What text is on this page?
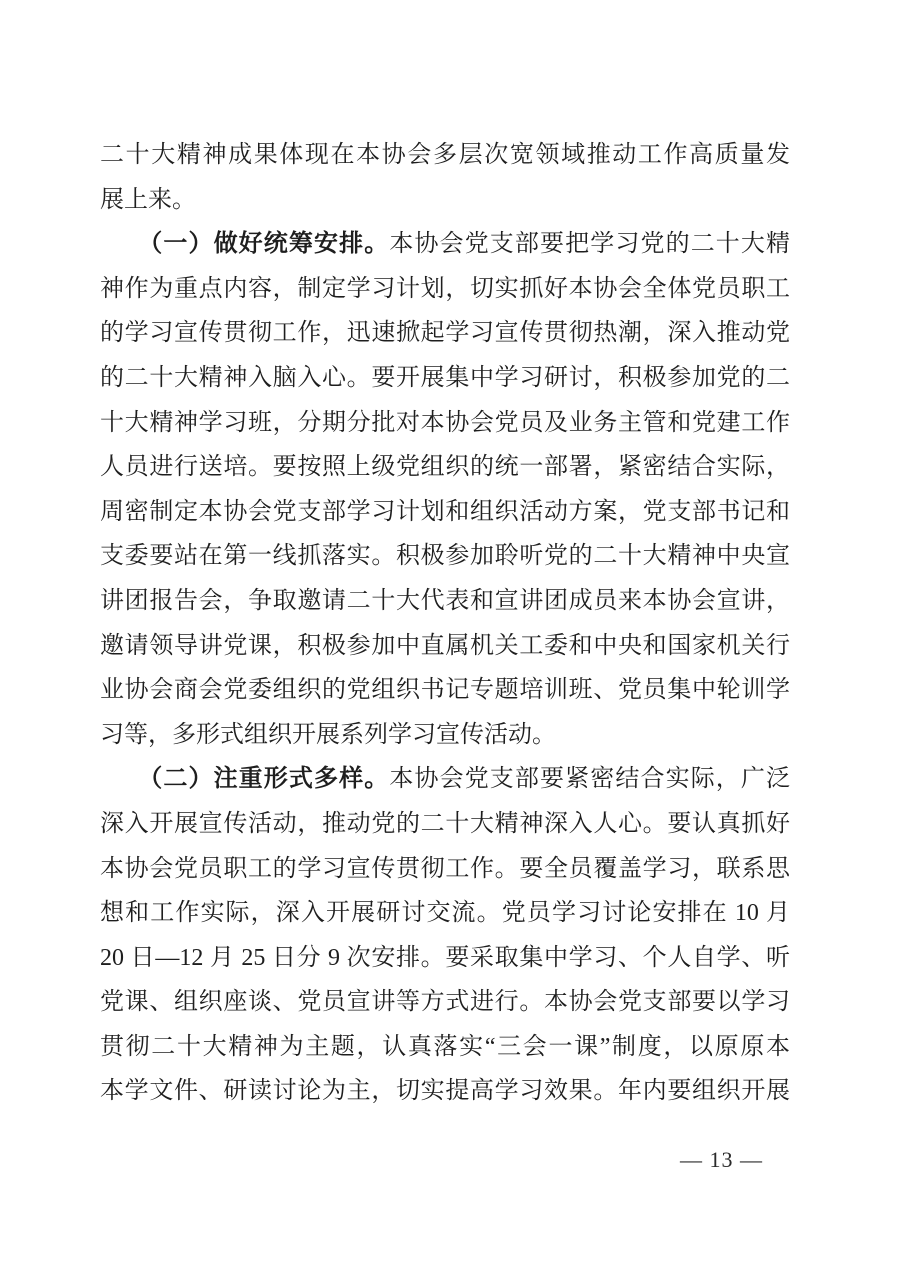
二十大精神成果体现在本协会多层次宽领域推动工作高质量发
展上来。
　　（一）做好统筹安排。本协会党支部要把学习党的二十大精
神作为重点内容，制定学习计划，切实抓好本协会全体党员职工
的学习宣传贯彻工作，迅速掀起学习宣传贯彻热潮，深入推动党
的二十大精神入脑入心。要开展集中学习研讨，积极参加党的二
十大精神学习班，分期分批对本协会党员及业务主管和党建工作
人员进行送培。要按照上级党组织的统一部署，紧密结合实际，
周密制定本协会党支部学习计划和组织活动方案，党支部书记和
支委要站在第一线抓落实。积极参加聆听党的二十大精神中央宣
讲团报告会，争取邀请二十大代表和宣讲团成员来本协会宣讲，
邀请领导讲党课，积极参加中直属机关工委和中央和国家机关行
业协会商会党委组织的党组织书记专题培训班、党员集中轮训学
习等，多形式组织开展系列学习宣传活动。
　　（二）注重形式多样。本协会党支部要紧密结合实际，广泛
深入开展宣传活动，推动党的二十大精神深入人心。要认真抓好
本协会党员职工的学习宣传贯彻工作。要全员覆盖学习，联系思
想和工作实际，深入开展研讨交流。党员学习讨论安排在 10 月
20 日—12 月 25 日分 9 次安排。要采取集中学习、个人自学、听
党课、组织座谈、党员宣讲等方式进行。本协会党支部要以学习
贯彻二十大精神为主题，认真落实“三会一课”制度，以原原本
本学文件、研读讨论为主，切实提高学习效果。年内要组织开展
— 13 —
